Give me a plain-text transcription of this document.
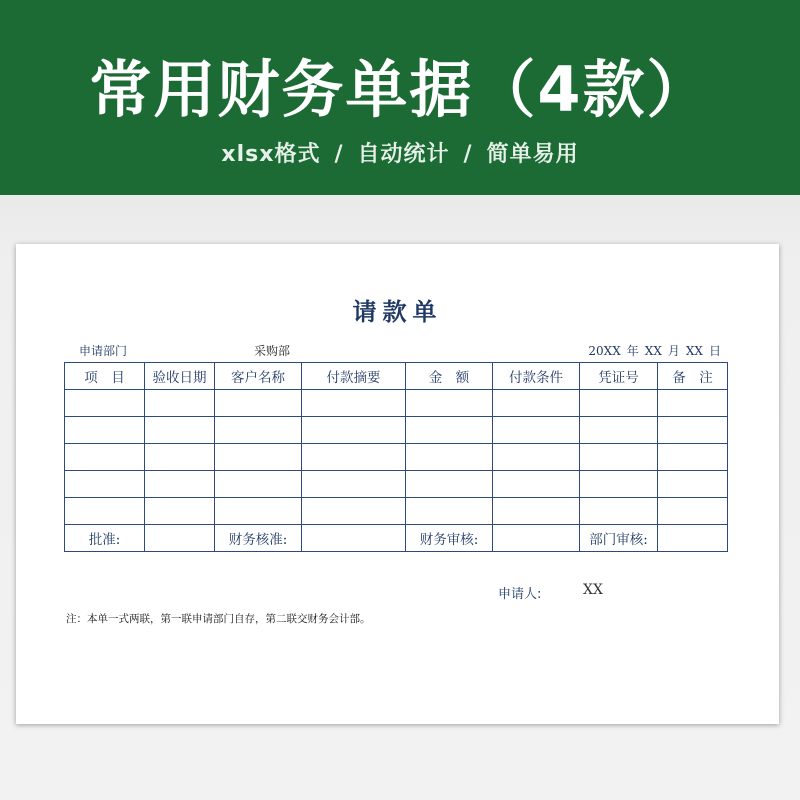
常用财务单据（4款）
xlsx格式 / 自动统计 / 简单易用
请款单
申请部门	采购部	20XX 年 XX 月 XX 日
项　目	验收日期	客户名称	付款摘要	金　额	付款条件	凭证号	备　注

批准:		财务核准:		财务审核:		部门审核:	
申请人:	XX
注：本单一式两联，第一联申请部门自存，第二联交财务会计部。
